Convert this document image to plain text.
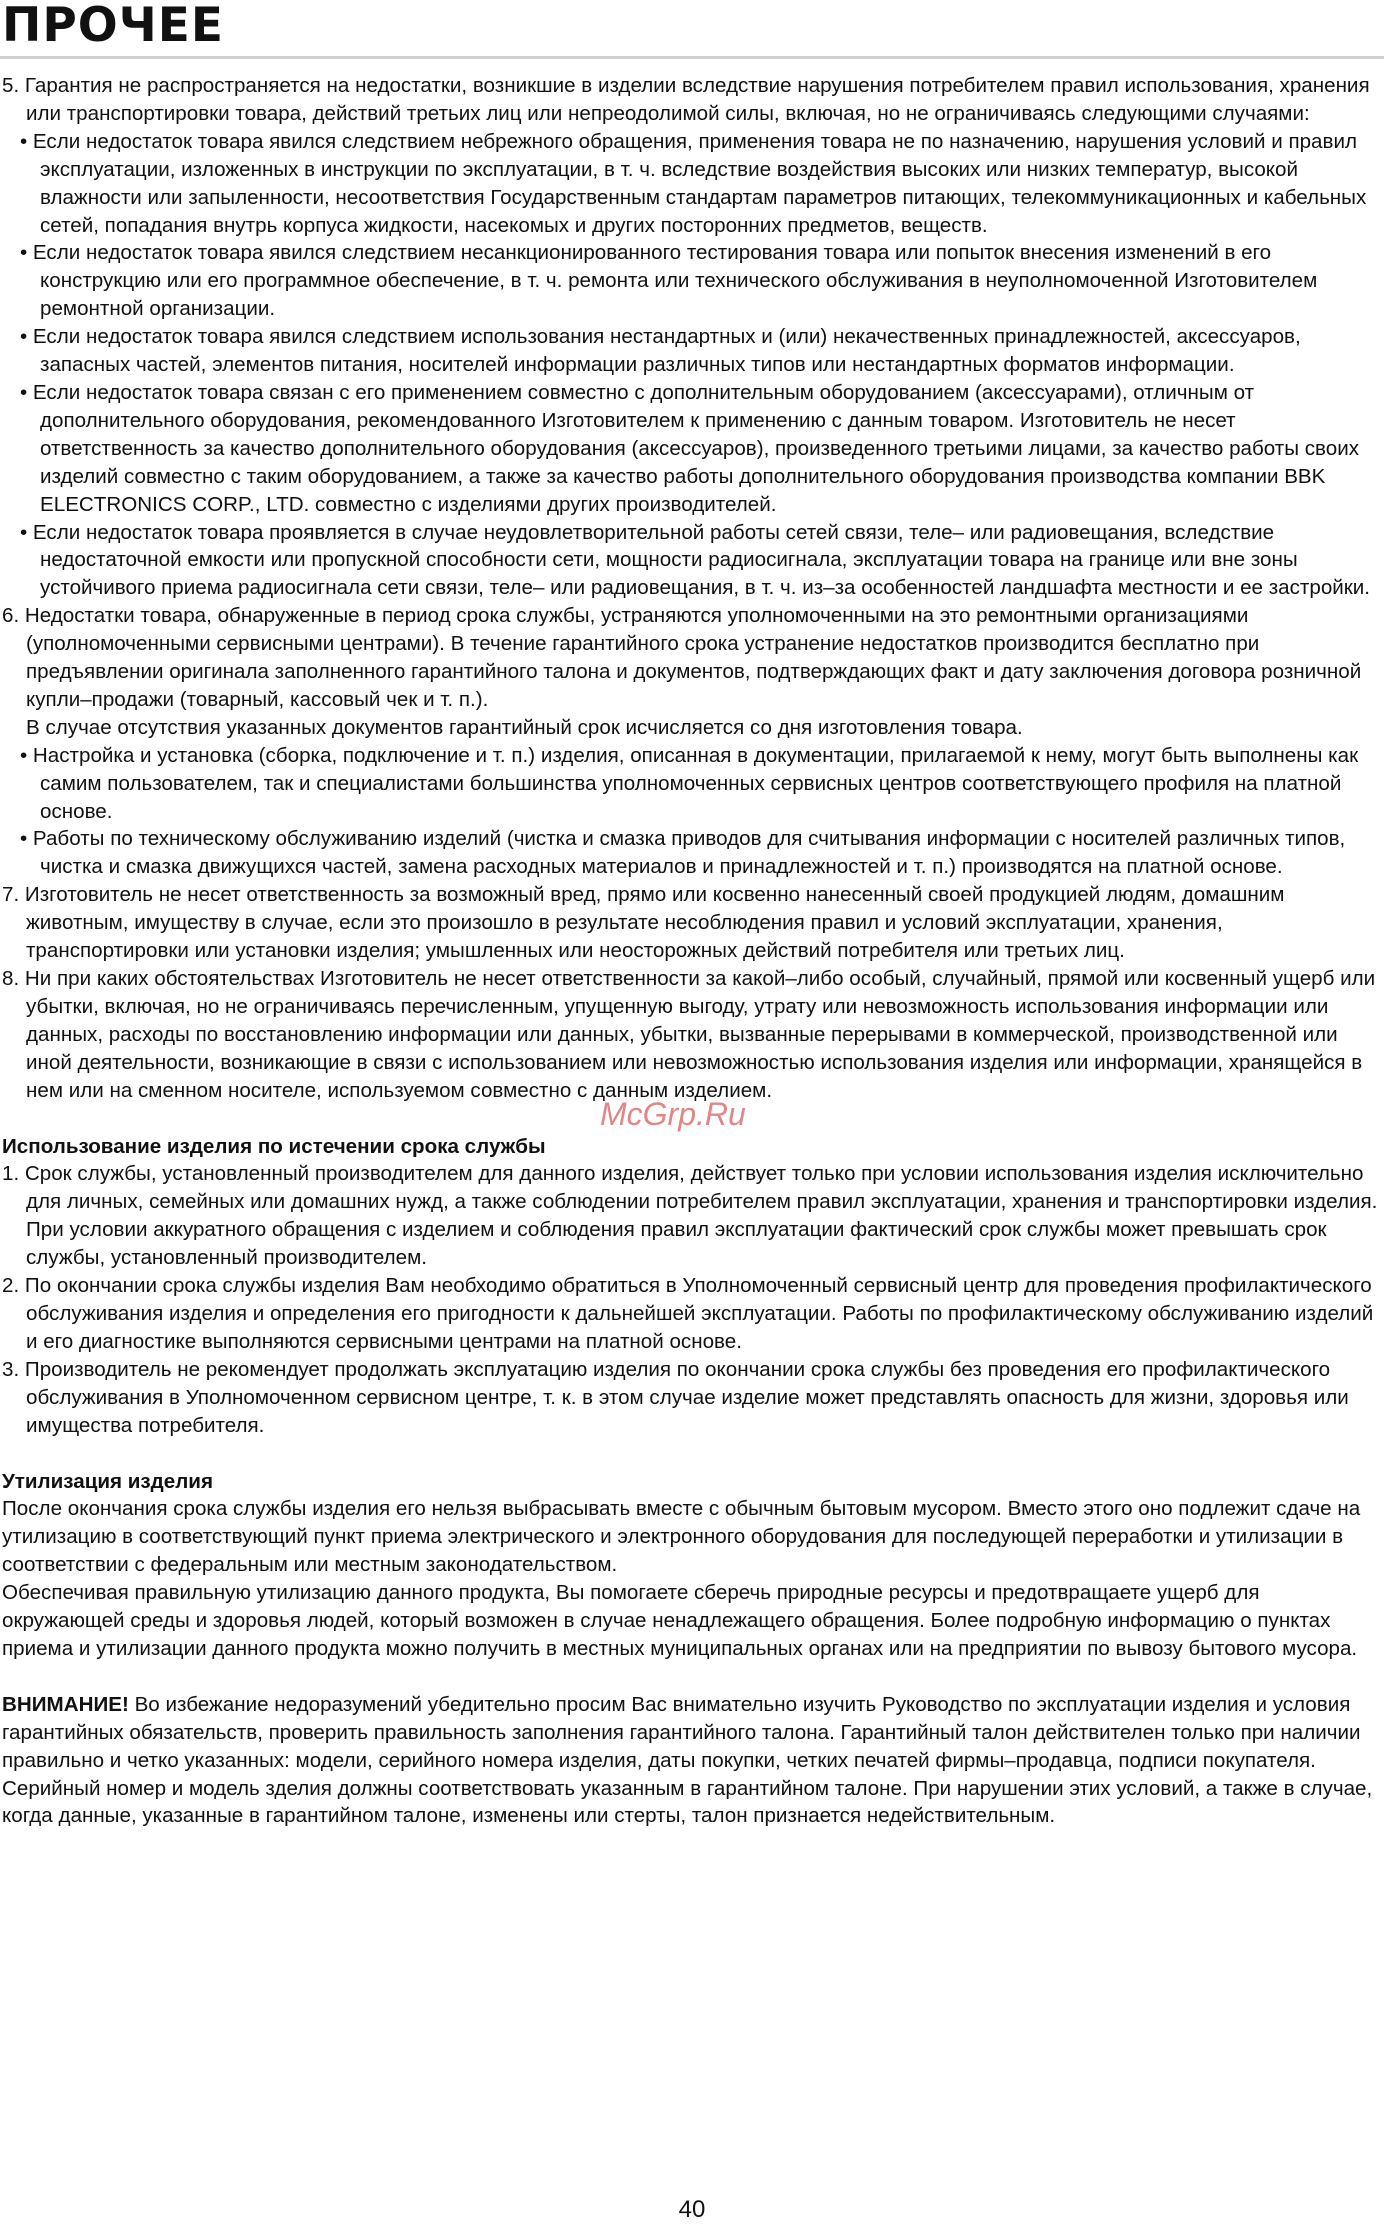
ПРОЧЕЕ

5. Гарантия не распространяется на недостатки, возникшие в изделии вследствие нарушения потребителем правил использования, хранения или транспортировки товара, действий третьих лиц или непреодолимой силы, включая, но не ограничиваясь следующими случаями:

• Если недостаток товара явился следствием небрежного обращения, применения товара не по назначению, нарушения условий и правил эксплуатации, изложенных в инструкции по эксплуатации, в т. ч. вследствие воздействия высоких или низких температур, высокой влажности или запыленности, несоответствия Государственным стандартам параметров питающих, телекоммуникационных и кабельных сетей, попадания внутрь корпуса жидкости, насекомых и других посторонних предметов, веществ.

• Если недостаток товара явился следствием несанкционированного тестирования товара или попыток внесения изменений в его конструкцию или его программное обеспечение, в т. ч. ремонта или технического обслуживания в неуполномоченной Изготовителем ремонтной организации.

• Если недостаток товара явился следствием использования нестандартных и (или) некачественных принадлежностей, аксессуаров, запасных частей, элементов питания, носителей информации различных типов или нестандартных форматов информации.

• Если недостаток товара связан с его применением совместно с дополнительным оборудованием (аксессуарами), отличным от дополнительного оборудования, рекомендованного Изготовителем к применению с данным товаром. Изготовитель не несет ответственность за качество дополнительного оборудования (аксессуаров), произведенного третьими лицами, за качество работы своих изделий совместно с таким оборудованием, а также за качество работы дополнительного оборудования производства компании BBK ELECTRONICS CORP., LTD. совместно с изделиями других производителей.

• Если недостаток товара проявляется в случае неудовлетворительной работы сетей связи, теле– или радиовещания, вследствие недостаточной емкости или пропускной способности сети, мощности радиосигнала, эксплуатации товара на границе или вне зоны устойчивого приема радиосигнала сети связи, теле– или радиовещания, в т. ч. из–за особенностей ландшафта местности и ее застройки.

6. Недостатки товара, обнаруженные в период срока службы, устраняются уполномоченными на это ремонтными организациями (уполномоченными сервисными центрами). В течение гарантийного срока устранение недостатков производится бесплатно при предъявлении оригинала заполненного гарантийного талона и документов, подтверждающих факт и дату заключения договора розничной купли–продажи (товарный, кассовый чек и т. п.).

В случае отсутствия указанных документов гарантийный срок исчисляется со дня изготовления товара.

• Настройка и установка (сборка, подключение и т. п.) изделия, описанная в документации, прилагаемой к нему, могут быть выполнены как самим пользователем, так и специалистами большинства уполномоченных сервисных центров соответствующего профиля на платной основе.

• Работы по техническому обслуживанию изделий (чистка и смазка приводов для считывания информации с носителей различных типов, чистка и смазка движущихся частей, замена расходных материалов и принадлежностей и т. п.) производятся на платной основе.

7. Изготовитель не несет ответственность за возможный вред, прямо или косвенно нанесенный своей продукцией людям, домашним животным, имуществу в случае, если это произошло в результате несоблюдения правил и условий эксплуатации, хранения, транспортировки или установки изделия; умышленных или неосторожных действий потребителя или третьих лиц.

8. Ни при каких обстоятельствах Изготовитель не несет ответственности за какой–либо особый, случайный, прямой или косвенный ущерб или убытки, включая, но не ограничиваясь перечисленным, упущенную выгоду, утрату или невозможность использования информации или данных, расходы по восстановлению информации или данных, убытки, вызванные перерывами в коммерческой, производственной или иной деятельности, возникающие в связи с использованием или невозможностью использования изделия или информации, хранящейся в нем или на сменном носителе, используемом совместно с данным изделием.

Использование изделия по истечении срока службы

1. Срок службы, установленный производителем для данного изделия, действует только при условии использования изделия исключительно для личных, семейных или домашних нужд, а также соблюдении потребителем правил эксплуатации, хранения и транспортировки изделия. При условии аккуратного обращения с изделием и соблюдения правил эксплуатации фактический срок службы может превышать срок службы, установленный производителем.

2. По окончании срока службы изделия Вам необходимо обратиться в Уполномоченный сервисный центр для проведения профилактического обслуживания изделия и определения его пригодности к дальнейшей эксплуатации. Работы по профилактическому обслуживанию изделий и его диагностике выполняются сервисными центрами на платной основе.

3. Производитель не рекомендует продолжать эксплуатацию изделия по окончании срока службы без проведения его профилактического обслуживания в Уполномоченном сервисном центре, т. к. в этом случае изделие может представлять опасность для жизни, здоровья или имущества потребителя.

Утилизация изделия

После окончания срока службы изделия его нельзя выбрасывать вместе с обычным бытовым мусором. Вместо этого оно подлежит сдаче на утилизацию в соответствующий пункт приема электрического и электронного оборудования для последующей переработки и утилизации в соответствии с федеральным или местным законодательством.

Обеспечивая правильную утилизацию данного продукта, Вы помогаете сберечь природные ресурсы и предотвращаете ущерб для окружающей среды и здоровья людей, который возможен в случае ненадлежащего обращения. Более подробную информацию о пунктах приема и утилизации данного продукта можно получить в местных муниципальных органах или на предприятии по вывозу бытового мусора.

ВНИМАНИЕ! Во избежание недоразумений убедительно просим Вас внимательно изучить Руководство по эксплуатации изделия и условия гарантийных обязательств, проверить правильность заполнения гарантийного талона. Гарантийный талон действителен только при наличии правильно и четко указанных: модели, серийного номера изделия, даты покупки, четких печатей фирмы–продавца, подписи покупателя. Серийный номер и модель зделия должны соответствовать указанным в гарантийном талоне. При нарушении этих условий, а также в случае, когда данные, указанные в гарантийном талоне, изменены или стерты, талон признается недействительным.

McGrp.Ru
40
